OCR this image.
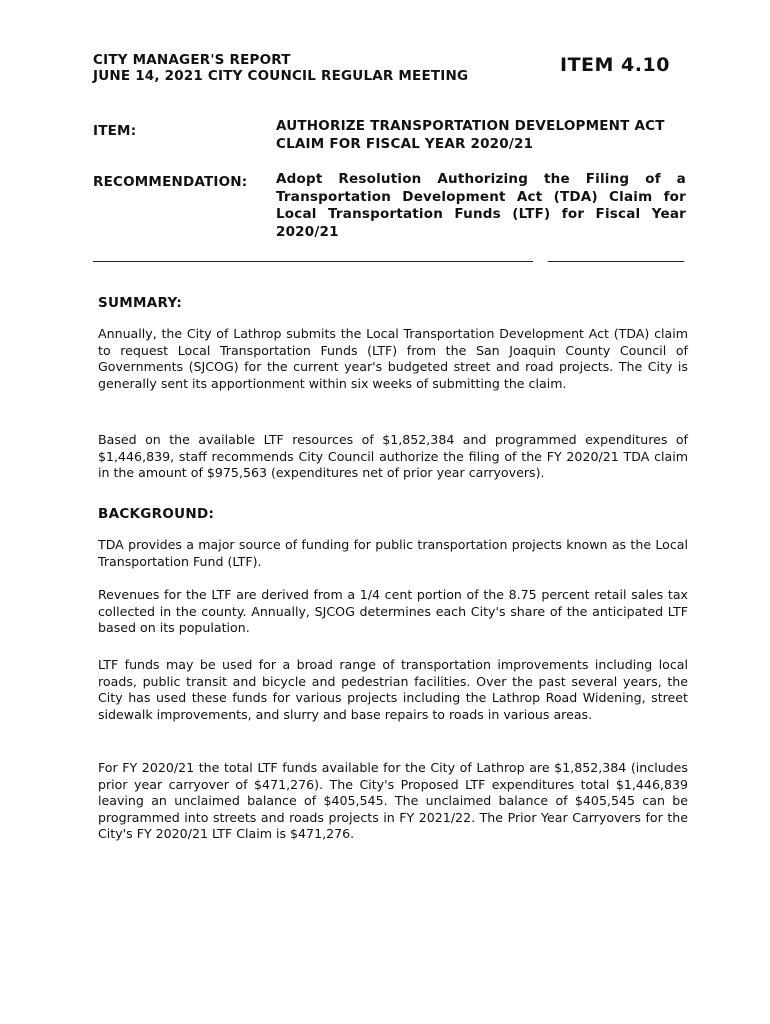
CITY MANAGER'S REPORT
JUNE 14, 2021 CITY COUNCIL REGULAR MEETING	ITEM 4.10
ITEM:	AUTHORIZE TRANSPORTATION DEVELOPMENT ACT CLAIM FOR FISCAL YEAR 2020/21
RECOMMENDATION: Adopt Resolution Authorizing the Filing of a Transportation Development Act (TDA) Claim for Local Transportation Funds (LTF) for Fiscal Year 2020/21
SUMMARY:

Annually, the City of Lathrop submits the Local Transportation Development Act (TDA) claim to request Local Transportation Funds (LTF) from the San Joaquin County Council of Governments (SJCOG) for the current year's budgeted street and road projects. The City is generally sent its apportionment within six weeks of submitting the claim.

Based on the available LTF resources of $1,852,384 and programmed expenditures of $1,446,839, staff recommends City Council authorize the filing of the FY 2020/21 TDA claim in the amount of $975,563 (expenditures net of prior year carryovers).

BACKGROUND:

TDA provides a major source of funding for public transportation projects known as the Local Transportation Fund (LTF).

Revenues for the LTF are derived from a 1/4 cent portion of the 8.75 percent retail sales tax collected in the county. Annually, SJCOG determines each City's share of the anticipated LTF based on its population.

LTF funds may be used for a broad range of transportation improvements including local roads, public transit and bicycle and pedestrian facilities. Over the past several years, the City has used these funds for various projects including the Lathrop Road Widening, street sidewalk improvements, and slurry and base repairs to roads in various areas.

For FY 2020/21 the total LTF funds available for the City of Lathrop are $1,852,384 (includes prior year carryover of $471,276). The City's Proposed LTF expenditures total $1,446,839 leaving an unclaimed balance of $405,545. The unclaimed balance of $405,545 can be programmed into streets and roads projects in FY 2021/22. The Prior Year Carryovers for the City's FY 2020/21 LTF Claim is $471,276.
